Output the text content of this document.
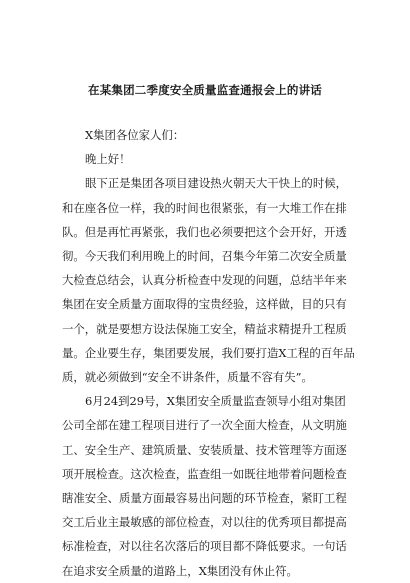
在某集团二季度安全质量监查通报会上的讲话

X集团各位家人们：

晚上好！

眼下正是集团各项目建设热火朝天大干快上的时候，

和在座各位一样，我的时间也很紧张，有一大堆工作在排

队。但是再忙再紧张，我们也必须要把这个会开好，开透

彻。今天我们利用晚上的时间，召集今年第二次安全质量

大检查总结会，认真分析检查中发现的问题，总结半年来

集团在安全质量方面取得的宝贵经验，这样做，目的只有

一个，就是要想方设法保施工安全，精益求精提升工程质

量。企业要生存，集团要发展，我们要打造X工程的百年品

质，就必须做到“安全不讲条件，质量不容有失”。

6月24到29号，X集团安全质量监查领导小组对集团

公司全部在建工程项目进行了一次全面大检查，从文明施

工、安全生产、建筑质量、安装质量、技术管理等方面逐

项开展检查。这次检查，监查组一如既往地带着问题检查

瞎准安全、质量方面最容易出问题的环节检查，紧盯工程

交工后业主最敏感的部位检查，对以往的优秀项目都提高

标准检查，对以往名次落后的项目都不降低要求。一句话

在追求安全质量的道路上，X集团没有休止符。
